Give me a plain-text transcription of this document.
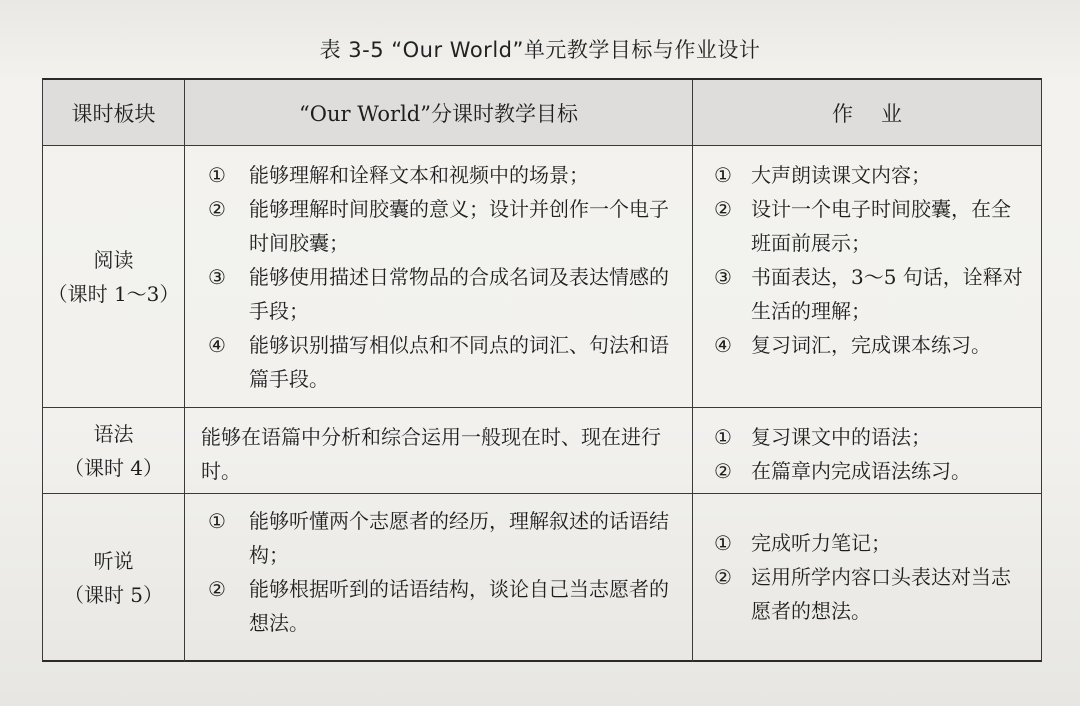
表 3-5 “Our World”单元教学目标与作业设计
课时板块	“Our World”分课时教学目标	作业
阅读
（课时 1～3）
① 能够理解和诠释文本和视频中的场景；
② 能够理解时间胶囊的意义；设计并创作一个电子时间胶囊；
③ 能够使用描述日常物品的合成名词及表达情感的手段；
④ 能够识别描写相似点和不同点的词汇、句法和语篇手段。
① 大声朗读课文内容；
② 设计一个电子时间胶囊，在全班面前展示；
③ 书面表达，3～5 句话，诠释对生活的理解；
④ 复习词汇，完成课本练习。
语法
（课时 4）
能够在语篇中分析和综合运用一般现在时、现在进行时。
① 复习课文中的语法；
② 在篇章内完成语法练习。
听说
（课时 5）
① 能够听懂两个志愿者的经历，理解叙述的话语结构；
② 能够根据听到的话语结构，谈论自己当志愿者的想法。
① 完成听力笔记；
② 运用所学内容口头表达对当志愿者的想法。
